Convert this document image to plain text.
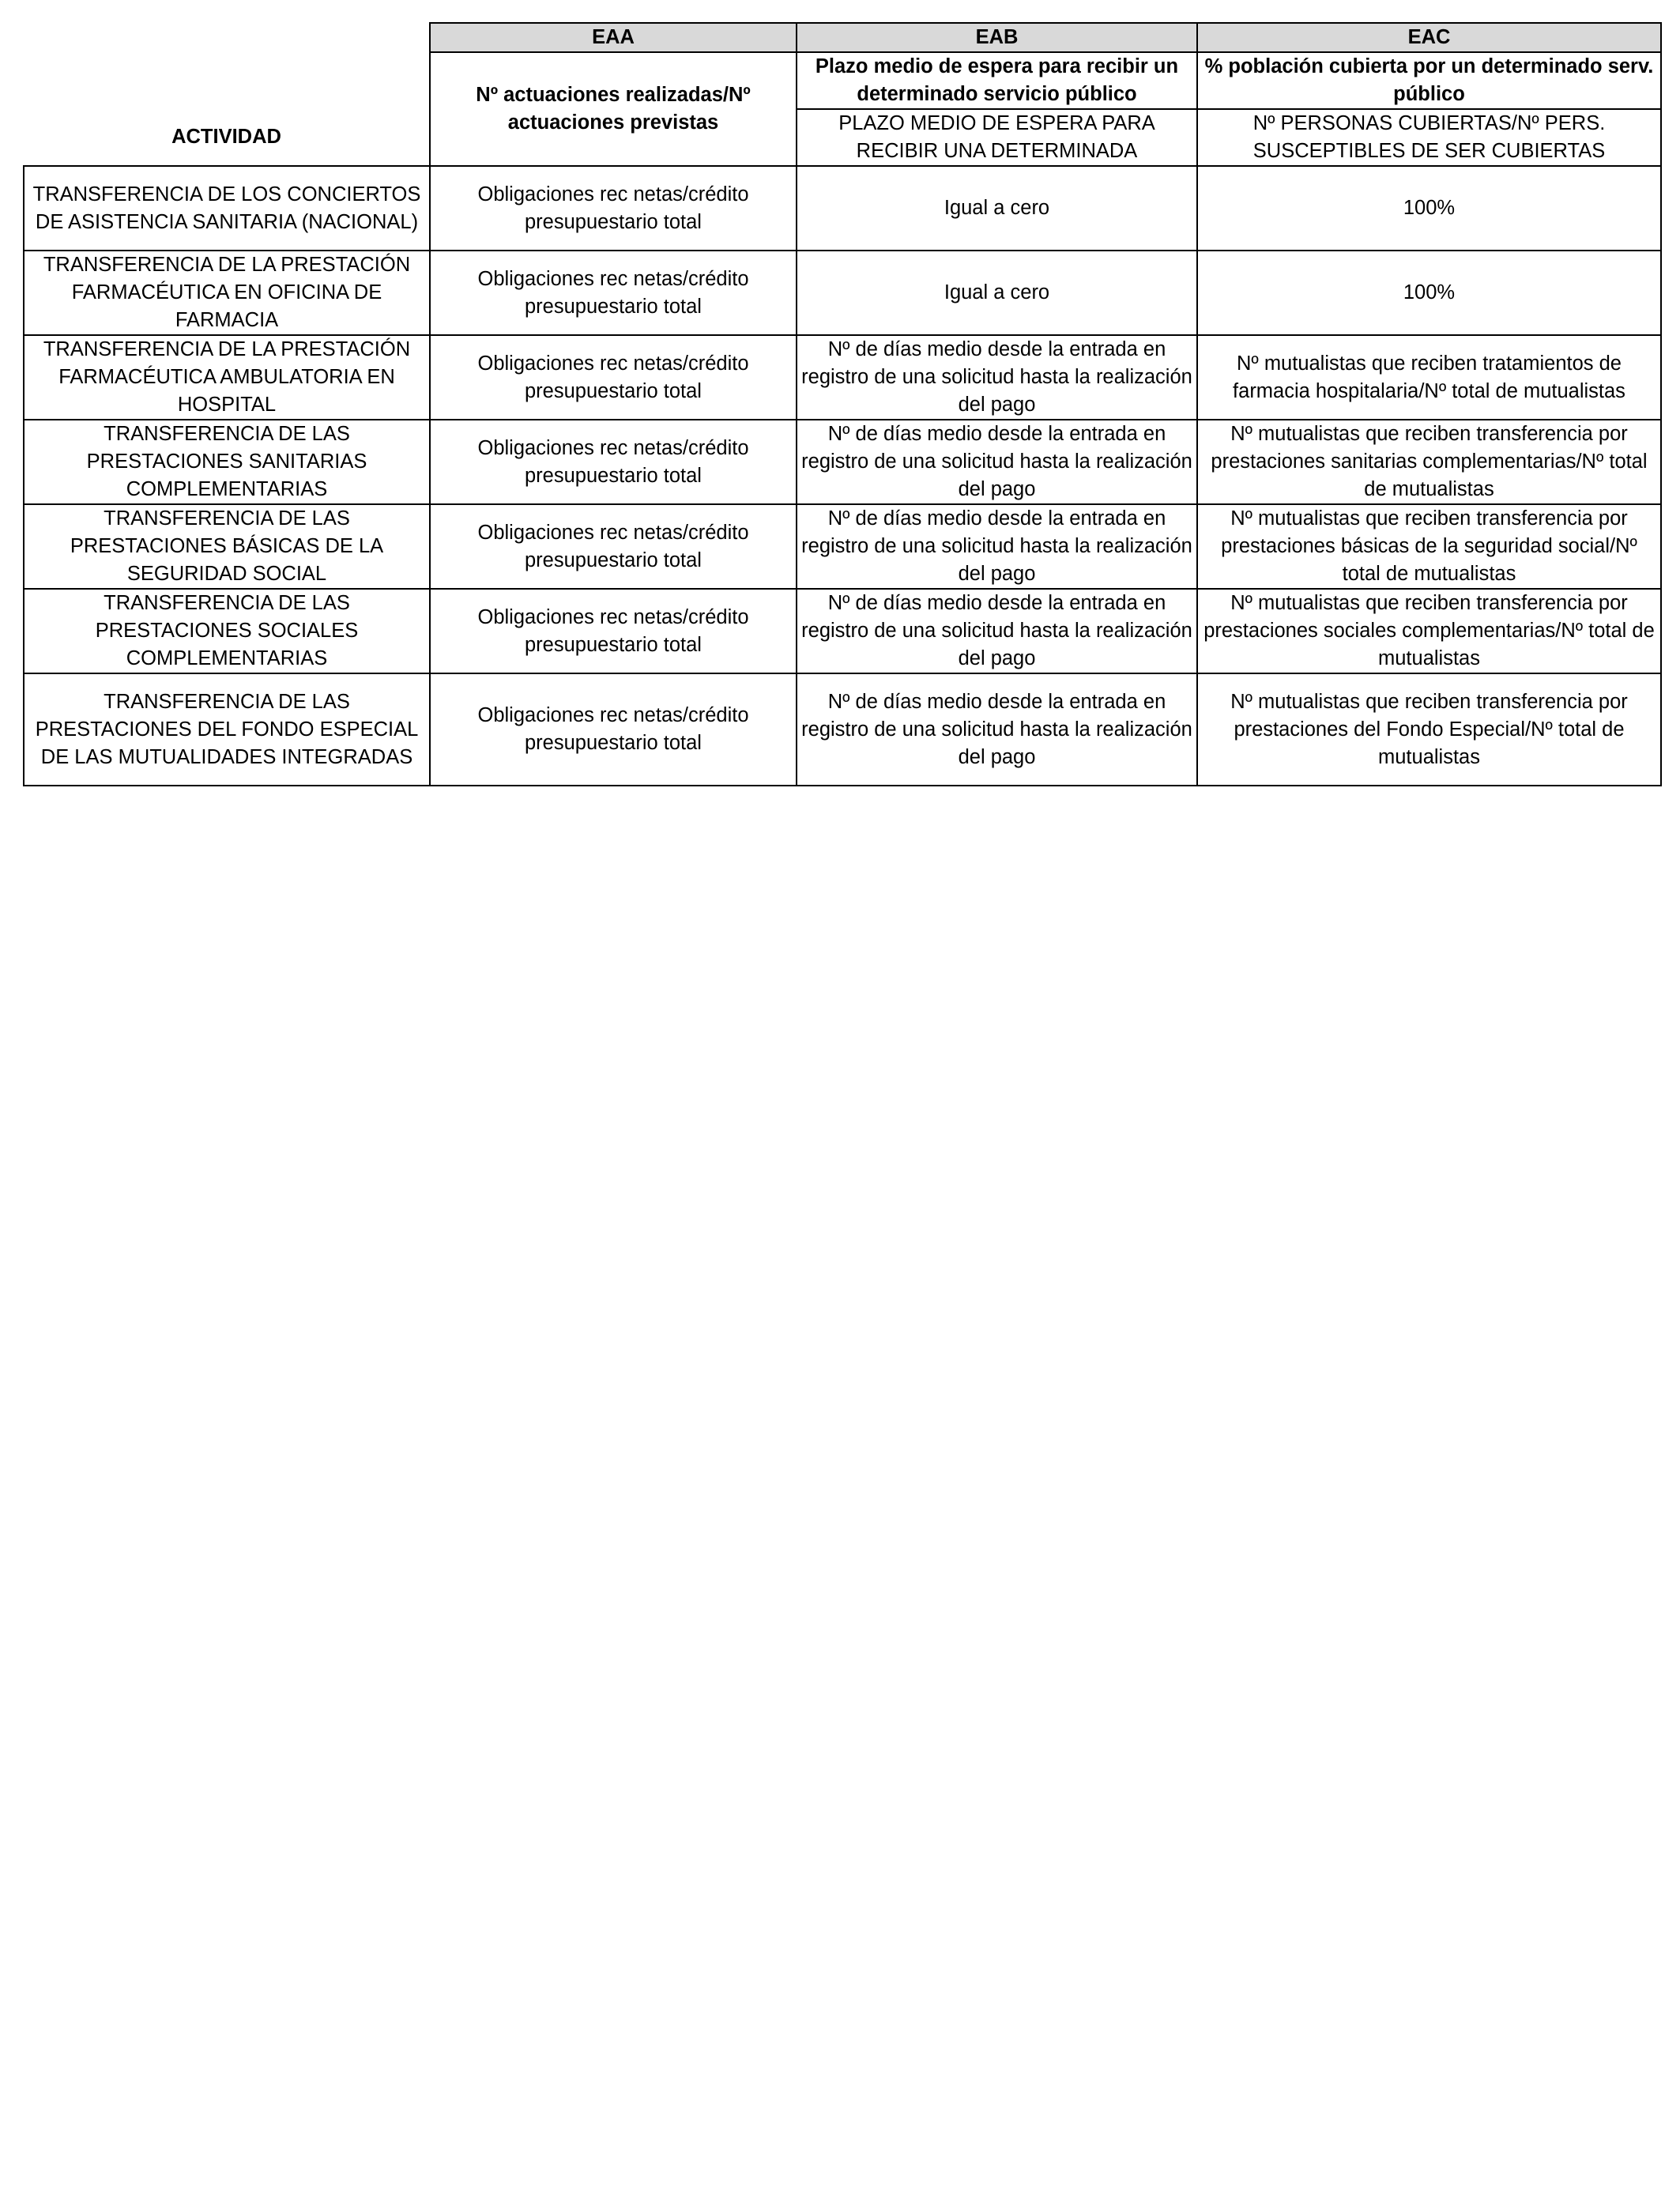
	EAA	EAB	EAC
	Nº actuaciones realizadas/Nº actuaciones previstas	Plazo medio de espera para recibir un determinado servicio público	% población cubierta por un determinado serv. público
ACTIVIDAD		PLAZO MEDIO DE ESPERA PARA RECIBIR UNA DETERMINADA	Nº PERSONAS CUBIERTAS/Nº PERS. SUSCEPTIBLES DE SER CUBIERTAS
TRANSFERENCIA DE LOS CONCIERTOS DE ASISTENCIA SANITARIA (NACIONAL)	Obligaciones rec netas/crédito presupuestario total	Igual a cero	100%
TRANSFERENCIA DE LA PRESTACIÓN FARMACÉUTICA EN OFICINA DE FARMACIA	Obligaciones rec netas/crédito presupuestario total	Igual a cero	100%
TRANSFERENCIA DE LA PRESTACIÓN FARMACÉUTICA AMBULATORIA EN HOSPITAL	Obligaciones rec netas/crédito presupuestario total	Nº de días medio desde la entrada en registro de una solicitud hasta la realización del pago	Nº mutualistas que reciben tratamientos de farmacia hospitalaria/Nº total de mutualistas
TRANSFERENCIA DE LAS PRESTACIONES SANITARIAS COMPLEMENTARIAS	Obligaciones rec netas/crédito presupuestario total	Nº de días medio desde la entrada en registro de una solicitud hasta la realización del pago	Nº mutualistas que reciben transferencia por prestaciones sanitarias complementarias/Nº total de mutualistas
TRANSFERENCIA DE LAS PRESTACIONES BÁSICAS DE LA SEGURIDAD SOCIAL	Obligaciones rec netas/crédito presupuestario total	Nº de días medio desde la entrada en registro de una solicitud hasta la realización del pago	Nº mutualistas que reciben transferencia por prestaciones básicas de la seguridad social/Nº total de mutualistas
TRANSFERENCIA DE LAS PRESTACIONES SOCIALES COMPLEMENTARIAS	Obligaciones rec netas/crédito presupuestario total	Nº de días medio desde la entrada en registro de una solicitud hasta la realización del pago	Nº mutualistas que reciben transferencia por prestaciones sociales complementarias/Nº total de mutualistas
TRANSFERENCIA DE LAS PRESTACIONES DEL FONDO ESPECIAL DE LAS MUTUALIDADES INTEGRADAS	Obligaciones rec netas/crédito presupuestario total	Nº de días medio desde la entrada en registro de una solicitud hasta la realización del pago	Nº mutualistas que reciben transferencia por prestaciones del Fondo Especial/Nº total de mutualistas
